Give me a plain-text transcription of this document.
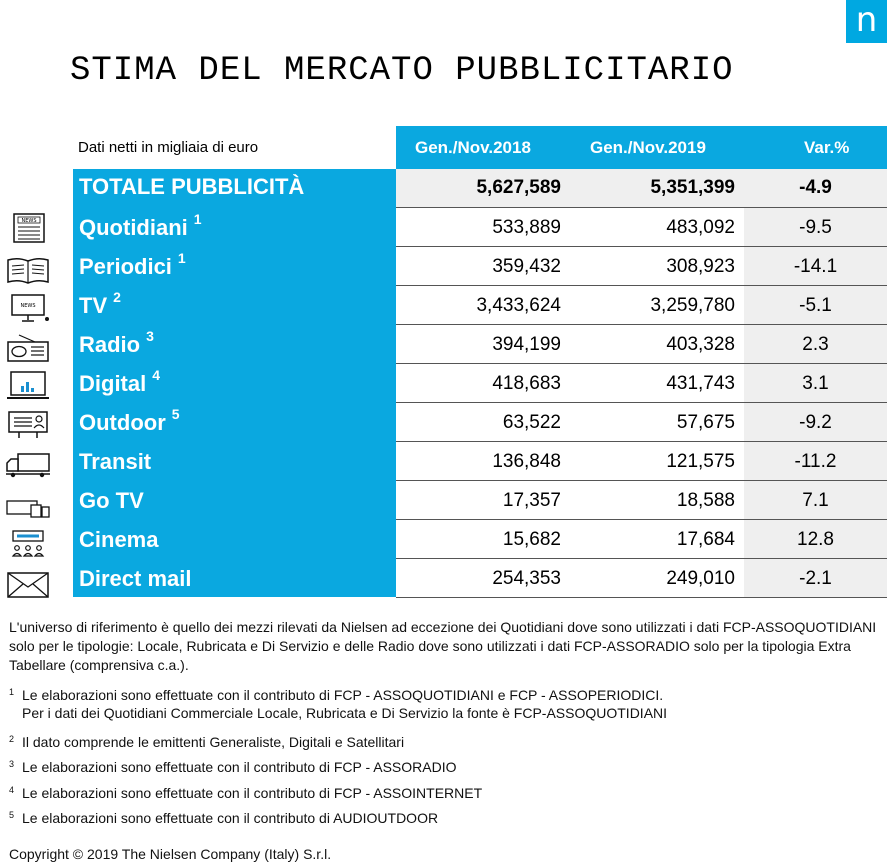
n
STIMA DEL MERCATO PUBBLICITARIO
Dati netti in migliaia di euro	Gen./Nov.2018	Gen./Nov.2019	Var.%
TOTALE PUBBLICITÀ	5,627,589	5,351,399	-4.9
Quotidiani $^1$	533,889	483,092	-9.5
Periodici $^1$	359,432	308,923	-14.1
TV $^2$	3,433,624	3,259,780	-5.1
Radio $^3$	394,199	403,328	2.3
Digital $^4$	418,683	431,743	3.1
Outdoor $^5$	63,522	57,675	-9.2
Transit	136,848	121,575	-11.2
Go TV	17,357	18,588	7.1
Cinema	15,682	17,684	12.8
Direct mail	254,353	249,010	-2.1
NEWS
NEWS
L'universo di riferimento è quello dei mezzi rilevati da Nielsen ad eccezione dei Quotidiani dove sono utilizzati i dati FCP-ASSOQUOTIDIANI solo per le tipologie: Locale, Rubricata e Di Servizio e delle Radio dove sono utilizzati i dati FCP-ASSORADIO solo per la tipologia Extra Tabellare (comprensiva c.a.).
1 Le elaborazioni sono effettuate con il contributo di FCP - ASSOQUOTIDIANI e FCP - ASSOPERIODICI.
Per i dati dei Quotidiani Commerciale Locale, Rubricata e Di Servizio la fonte è FCP-ASSOQUOTIDIANI
2 Il dato comprende le emittenti Generaliste, Digitali e Satellitari
3 Le elaborazioni sono effettuate con il contributo di FCP - ASSORADIO
4 Le elaborazioni sono effettuate con il contributo di FCP - ASSOINTERNET
5 Le elaborazioni sono effettuate con il contributo di AUDIOUTDOOR
Copyright © 2019 The Nielsen Company (Italy) S.r.l.
